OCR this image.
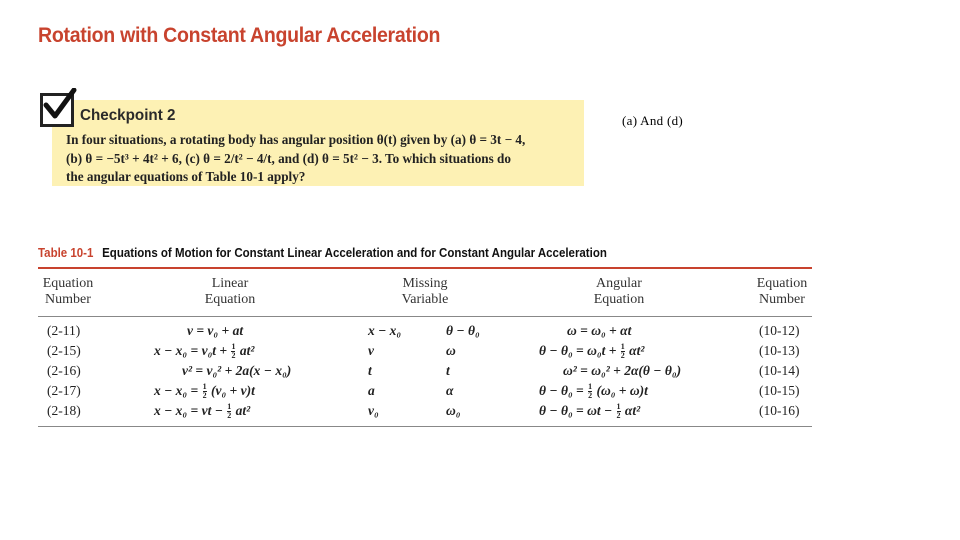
Rotation with Constant Angular Acceleration
Checkpoint 2
In four situations, a rotating body has angular position θ(t) given by (a) θ = 3t − 4,
(b) θ = −5t³ + 4t² + 6, (c) θ = 2/t² − 4/t, and (d) θ = 5t² − 3. To which situations do
the angular equations of Table 10-1 apply?
(a) And (d)
Table 10-1 Equations of Motion for Constant Linear Acceleration and for Constant Angular Acceleration
Equation
Number
Linear
Equation
Missing
Variable
Angular
Equation
Equation
Number
(2-11)	v = v₀ + at	x − x₀	θ − θ₀	ω = ω₀ + αt	(10-12)
(2-15)	$x - x_0 = v_0t + \frac{1}{2} at^2$	v	ω	$\theta - \theta_0 = \omega_0t + \frac{1}{2} \alpha t^2$	(10-13)
(2-16)	v² = v₀² + 2a(x − x₀)	t	t	ω² = ω₀² + 2α(θ − θ₀)	(10-14)
(2-17)	$x - x_0 = \frac{1}{2} (v_0 + v)t$	a	α	$\theta - \theta_0 = \frac{1}{2} (\omega_0 + \omega)t$	(10-15)
(2-18)	x − x₀ = vt − $\frac{1}{2} at^2$	v₀	ω₀	$\theta - \theta_0 = \omega t - \frac{1}{2} \alpha t^2$	(10-16)
